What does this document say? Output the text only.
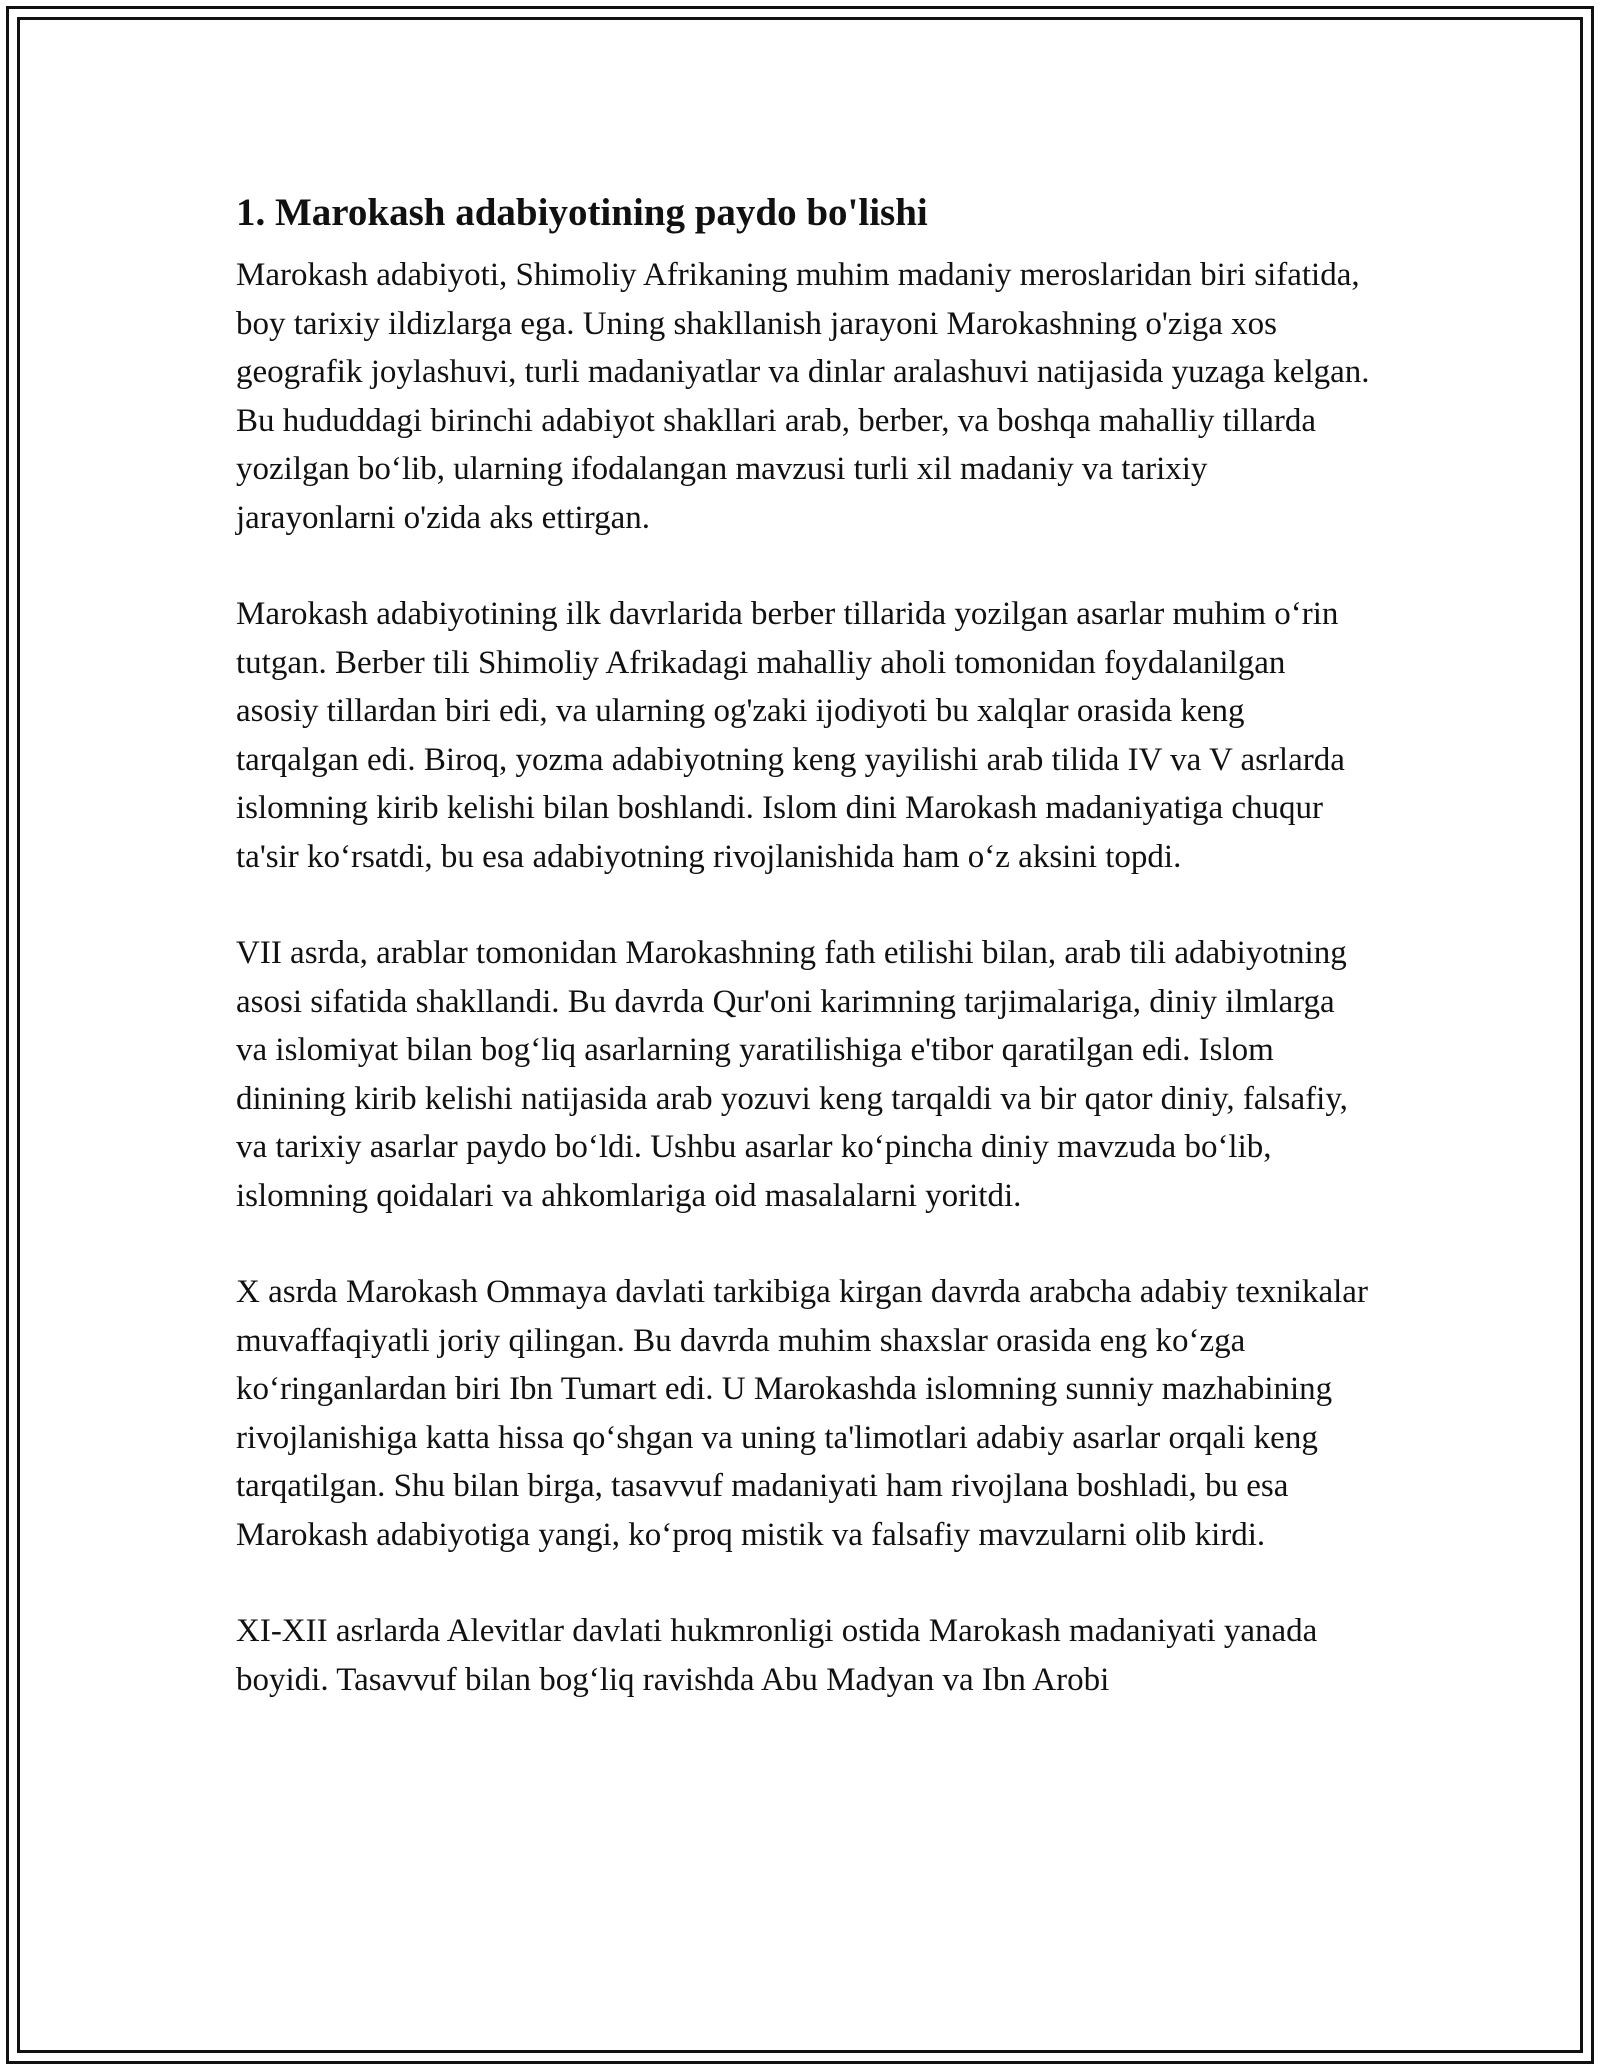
1. Marokash adabiyotining paydo bo'lishi

Marokash adabiyoti, Shimoliy Afrikaning muhim madaniy meroslaridan biri sifatida, boy tarixiy ildizlarga ega. Uning shakllanish jarayoni Marokashning o'ziga xos geografik joylashuvi, turli madaniyatlar va dinlar aralashuvi natijasida yuzaga kelgan. Bu hududdagi birinchi adabiyot shakllari arab, berber, va boshqa mahalliy tillarda yozilgan bo‘lib, ularning ifodalangan mavzusi turli xil madaniy va tarixiy jarayonlarni o'zida aks ettirgan.

Marokash adabiyotining ilk davrlarida berber tillarida yozilgan asarlar muhim o‘rin tutgan. Berber tili Shimoliy Afrikadagi mahalliy aholi tomonidan foydalanilgan asosiy tillardan biri edi, va ularning og'zaki ijodiyoti bu xalqlar orasida keng tarqalgan edi. Biroq, yozma adabiyotning keng yayilishi arab tilida IV va V asrlarda islomning kirib kelishi bilan boshlandi. Islom dini Marokash madaniyatiga chuqur ta'sir ko‘rsatdi, bu esa adabiyotning rivojlanishida ham o‘z aksini topdi.

VII asrda, arablar tomonidan Marokashning fath etilishi bilan, arab tili adabiyotning asosi sifatida shakllandi. Bu davrda Qur'oni karimning tarjimalariga, diniy ilmlarga va islomiyat bilan bog‘liq asarlarning yaratilishiga e'tibor qaratilgan edi. Islom dinining kirib kelishi natijasida arab yozuvi keng tarqaldi va bir qator diniy, falsafiy, va tarixiy asarlar paydo bo‘ldi. Ushbu asarlar ko‘pincha diniy mavzuda bo‘lib, islomning qoidalari va ahkomlariga oid masalalarni yoritdi.

X asrda Marokash Ommaya davlati tarkibiga kirgan davrda arabcha adabiy texnikalar muvaffaqiyatli joriy qilingan. Bu davrda muhim shaxslar orasida eng ko‘zga ko‘ringanlardan biri Ibn Tumart edi. U Marokashda islomning sunniy mazhabining rivojlanishiga katta hissa qo‘shgan va uning ta'limotlari adabiy asarlar orqali keng tarqatilgan. Shu bilan birga, tasavvuf madaniyati ham rivojlana boshladi, bu esa Marokash adabiyotiga yangi, ko‘proq mistik va falsafiy mavzularni olib kirdi.

XI-XII asrlarda Alevitlar davlati hukmronligi ostida Marokash madaniyati yanada boyidi. Tasavvuf bilan bog‘liq ravishda Abu Madyan va Ibn Arobi
